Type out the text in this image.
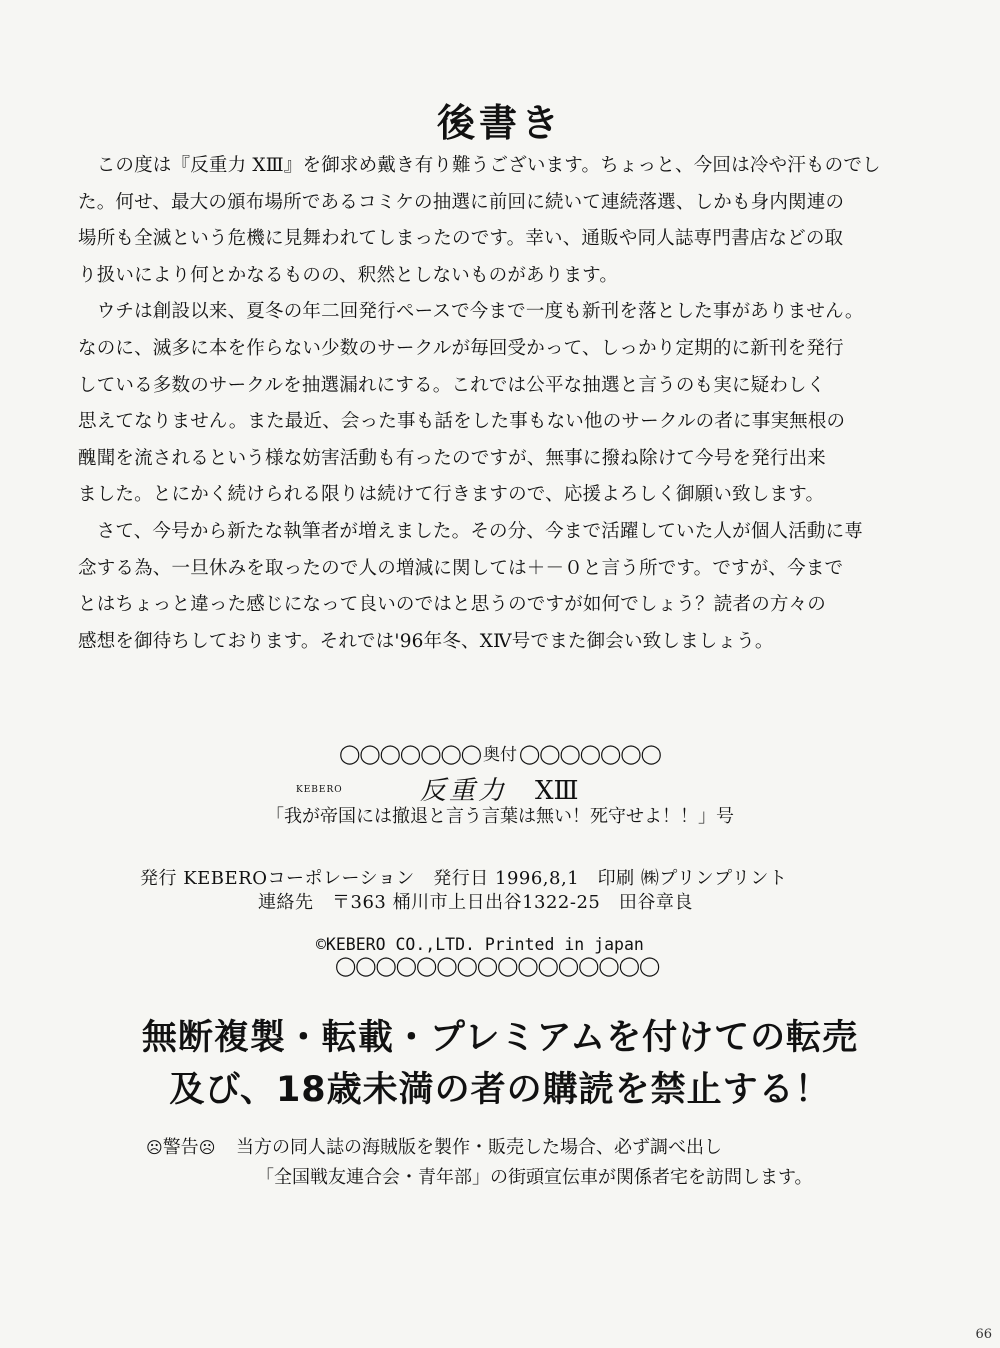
後書き
　この度は『反重力 XⅢ』を御求め戴き有り難うございます。ちょっと、今回は冷や汗ものでし
た。何せ、最大の頒布場所であるコミケの抽選に前回に続いて連続落選、しかも身内関連の
場所も全滅という危機に見舞われてしまったのです。幸い、通販や同人誌専門書店などの取
り扱いにより何とかなるものの、釈然としないものがあります。
　ウチは創設以来、夏冬の年二回発行ペースで今まで一度も新刊を落とした事がありません。
なのに、滅多に本を作らない少数のサークルが毎回受かって、しっかり定期的に新刊を発行
している多数のサークルを抽選漏れにする。これでは公平な抽選と言うのも実に疑わしく
思えてなりません。また最近、会った事も話をした事もない他のサークルの者に事実無根の
醜聞を流されるという様な妨害活動も有ったのですが、無事に撥ね除けて今号を発行出来
ました。とにかく続けられる限りは続けて行きますので、応援よろしく御願い致します。
　さて、今号から新たな執筆者が増えました。その分、今まで活躍していた人が個人活動に専
念する為、一旦休みを取ったので人の増減に関しては＋－０と言う所です。ですが、今まで
とはちょっと違った感じになって良いのではと思うのですが如何でしょう？読者の方々の
感想を御待ちしております。それでは'96年冬、XⅣ号でまた御会い致しましょう。
◯◯◯◯◯◯◯ 奥付 ◯◯◯◯◯◯◯
KEBERO	反重力 XⅢ
「我が帝国には撤退と言う言葉は無い！死守せよ！！」号
発行 KEBEROコーポレーション　発行日 1996,8,1　印刷 ㈱プリンプリント
連絡先　〒363 桶川市上日出谷1322-25　田谷章良
©KEBERO CO.,LTD. Printed in japan
◯◯◯◯◯◯◯◯◯◯◯◯◯◯◯◯
無断複製・転載・プレミアムを付けての転売
及び、18歳未満の者の購読を禁止する！
☹警告☹ 当方の同人誌の海賊版を製作・販売した場合、必ず調べ出し
「全国戦友連合会・青年部」の街頭宣伝車が関係者宅を訪問します。
66
